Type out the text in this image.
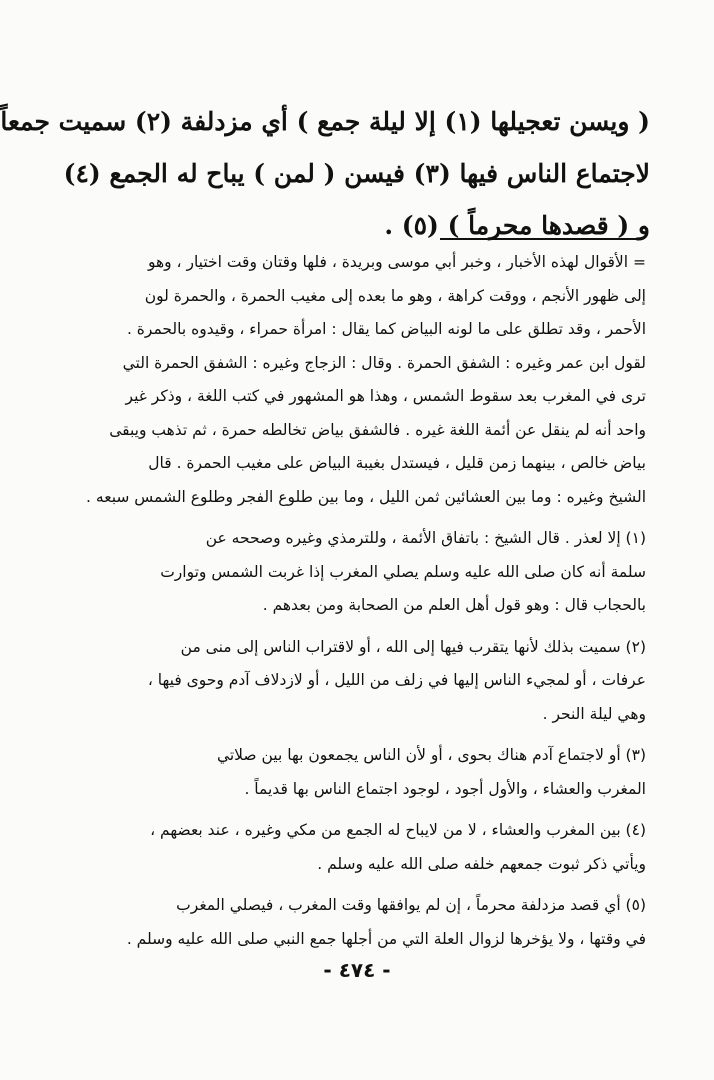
( ويسن تعجيلها (١) إلا ليلة جمع ) أي مزدلفة (٢) سميت جمعاً
لاجتماع الناس فيها (٣) فيسن ( لمن ) يباح له الجمع (٤)
و ( قصدها محرماً ) (٥) .
= الأقوال لهذه الأخبار ، وخبر أبي موسى وبريدة ، فلها وقتان وقت اختيار ، وهو
إلى ظهور الأنجم ، ووقت كراهة ، وهو ما بعده إلى مغيب الحمرة ، والحمرة لون
الأحمر ، وقد تطلق على ما لونه البياض كما يقال : امرأة حمراء ، وقيدوه بالحمرة .
لقول ابن عمر وغيره : الشفق الحمرة . وقال : الزجاج وغيره : الشفق الحمرة التي
ترى في المغرب بعد سقوط الشمس ، وهذا هو المشهور في كتب اللغة ، وذكر غير
واحد أنه لم ينقل عن أئمة اللغة غيره . فالشفق بياض تخالطه حمرة ، ثم تذهب ويبقى
بياض خالص ، بينهما زمن قليل ، فيستدل بغيبة البياض على مغيب الحمرة . قال
الشيخ وغيره : وما بين العشائين ثمن الليل ، وما بين طلوع الفجر وطلوع الشمس سبعه .
(١) إلا لعذر . قال الشيخ : باتفاق الأئمة ، وللترمذي وغيره وصححه عن
سلمة أنه كان صلى الله عليه وسلم يصلي المغرب إذا غربت الشمس وتوارت
بالحجاب قال : وهو قول أهل العلم من الصحابة ومن بعدهم .
(٢) سميت بذلك لأنها يتقرب فيها إلى الله ، أو لاقتراب الناس إلى منى من
عرفات ، أو لمجيء الناس إليها في زلف من الليل ، أو لازدلاف آدم وحوى فيها ،
وهي ليلة النحر .
(٣) أو لاجتماع آدم هناك بحوى ، أو لأن الناس يجمعون بها بين صلاتي
المغرب والعشاء ، والأول أجود ، لوجود اجتماع الناس بها قديماً .
(٤) بين المغرب والعشاء ، لا من لايباح له الجمع من مكي وغيره ، عند بعضهم ،
ويأتي ذكر ثبوت جمعهم خلفه صلى الله عليه وسلم .
(٥) أي قصد مزدلفة محرماً ، إن لم يوافقها وقت المغرب ، فيصلي المغرب
في وقتها ، ولا يؤخرها لزوال العلة التي من أجلها جمع النبي صلى الله عليه وسلم .
- ٤٧٤ -
